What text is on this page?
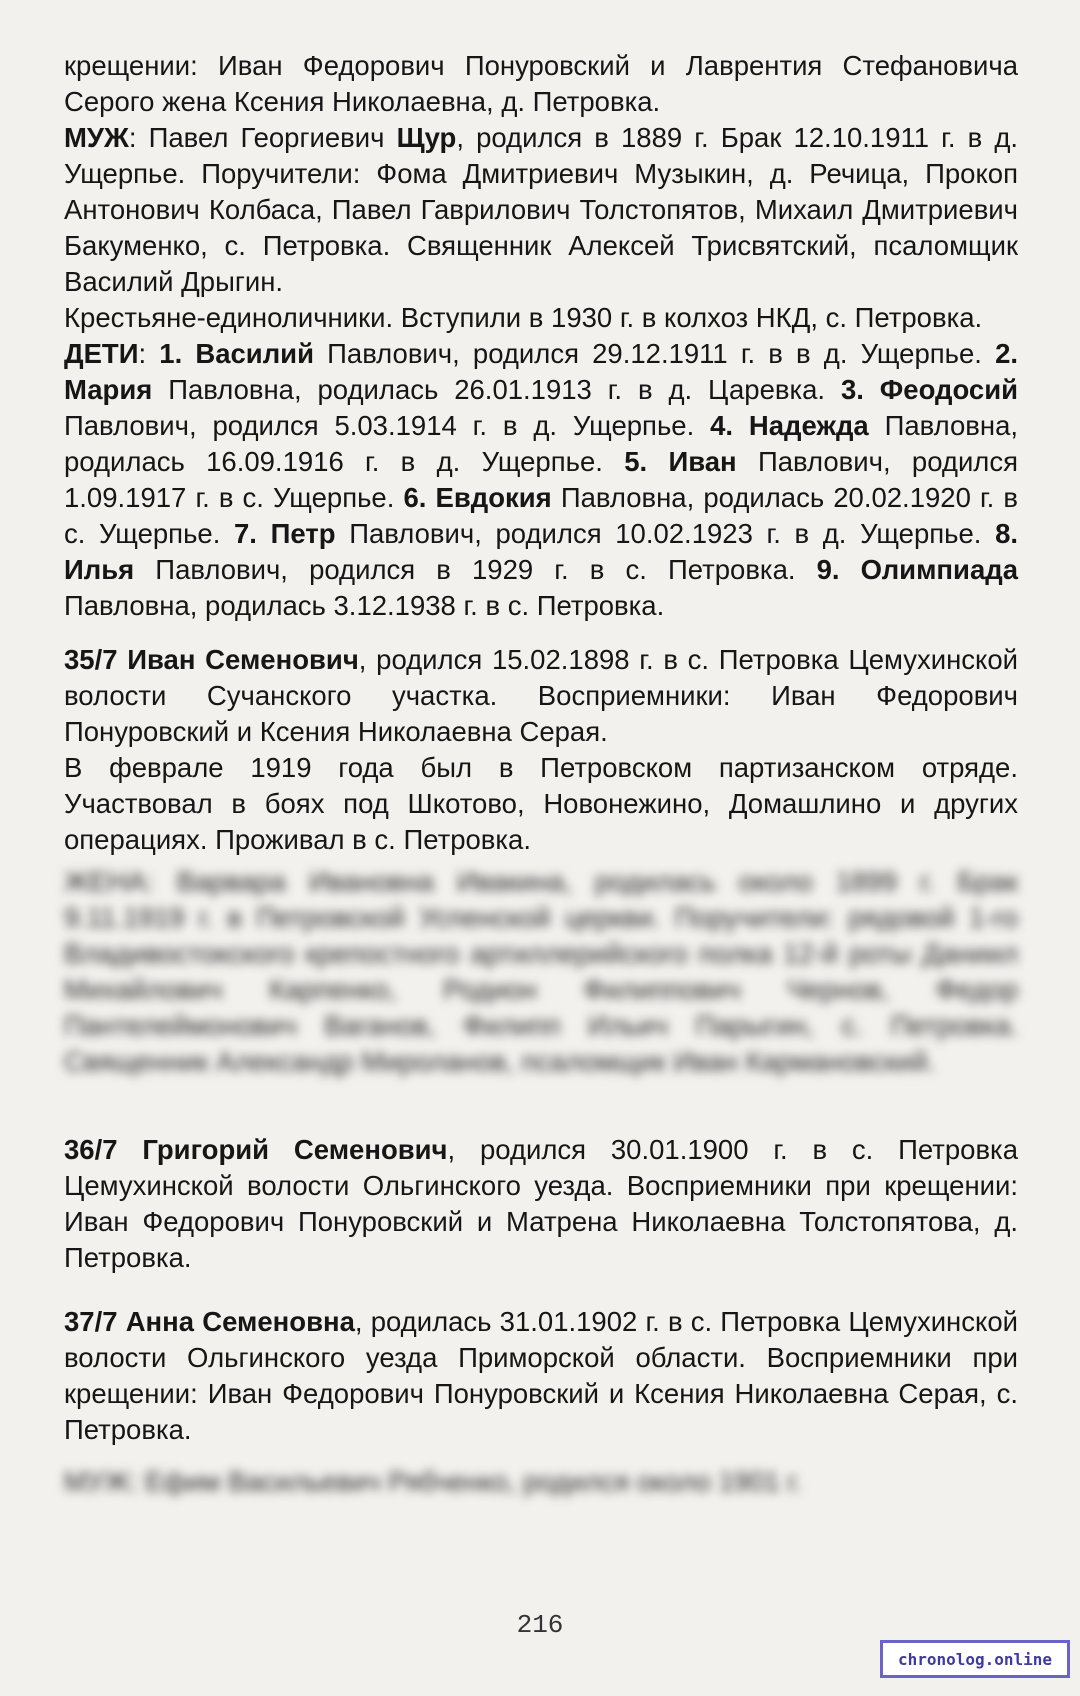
крещении: Иван Федорович Понуровский и Лаврентия Стефановича Серого жена Ксения Николаевна, д. Петровка.

МУЖ: Павел Георгиевич Щур, родился в 1889 г. Брак 12.10.1911 г. в д. Ущерпье. Поручители: Фома Дмитриевич Музыкин, д. Речица, Прокоп Антонович Колбаса, Павел Гаврилович Толстопятов, Михаил Дмитриевич Бакуменко, с. Петровка. Священник Алексей Трисвятский, псаломщик Василий Дрыгин.

Крестьяне-единоличники. Вступили в 1930 г. в колхоз НКД, с. Петровка.

ДЕТИ: 1. Василий Павлович, родился 29.12.1911 г. в в д. Ущерпье. 2. Мария Павловна, родилась 26.01.1913 г. в д. Царевка. 3. Феодосий Павлович, родился 5.03.1914 г. в д. Ущерпье. 4. Надежда Павловна, родилась 16.09.1916 г. в д. Ущерпье. 5. Иван Павлович, родился 1.09.1917 г. в с. Ущерпье. 6. Евдокия Павловна, родилась 20.02.1920 г. в с. Ущерпье. 7. Петр Павлович, родился 10.02.1923 г. в д. Ущерпье. 8. Илья Павлович, родился в 1929 г. в с. Петровка. 9. Олимпиада Павловна, родилась 3.12.1938 г. в с. Петровка.

35/7 Иван Семенович, родился 15.02.1898 г. в с. Петровка Цемухинской волости Сучанского участка. Восприемники: Иван Федорович Понуровский и Ксения Николаевна Серая.

В феврале 1919 года был в Петровском партизанском отряде. Участвовал в боях под Шкотово, Новонежино, Домашлино и других операциях. Проживал в с. Петровка.

ЖЕНА: Варвара Ивановна Ивакина, родилась около 1899 г. Брак 9.11.1919 г. в Петровской Успенской церкви. Поручители: рядовой 1-го Владивостокского крепостного артиллерийского полка 12-й роты Даниил Михайлович Карпенко, Родион Филиппович Чернов, Федор Пантелеймонович Ваганов, Филипп Ильич Парыгин, с. Петровка. Священник Александр Мироланов, псаломщик Иван Кармановский.

36/7 Григорий Семенович, родился 30.01.1900 г. в с. Петровка Цемухинской волости Ольгинского уезда. Восприемники при крещении: Иван Федорович Понуровский и Матрена Николаевна Толстопятова, д. Петровка.

37/7 Анна Семеновна, родилась 31.01.1902 г. в с. Петровка Цемухинской волости Ольгинского уезда Приморской области. Восприемники при крещении: Иван Федорович Понуровский и Ксения Николаевна Серая, с. Петровка.

МУЖ: Ефим Васильевич Рябченко, родился около 1901 г.
216
chronolog.online
